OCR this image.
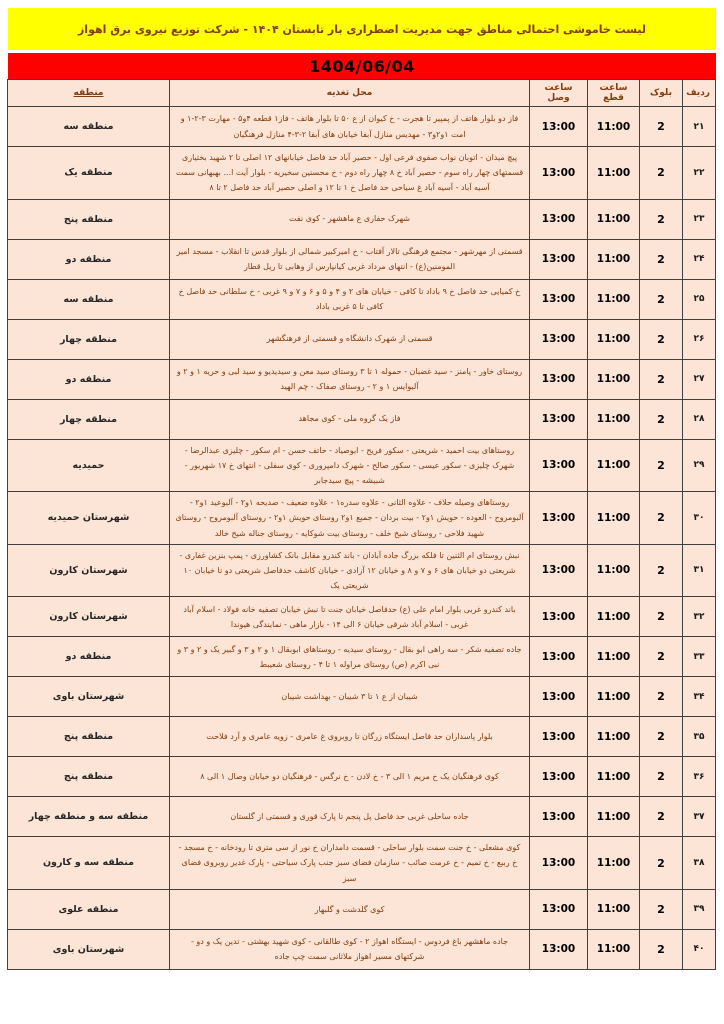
لیست خاموشی احتمالی مناطق جهت مدیریت اضطراری بار تابستان ۱۴۰۴ - شرکت توزیع نیروی برق اهواز
1404/06/04
ردیف	بلوک	ساعت قطع	ساعت وصل	محل تغذیه	منطقه
۲۱	2	11:00	13:00	فاز دو بلوار هاتف از پمپیر تا هجرت - خ کیوان از ع ۵۰ تا بلوار هاتف - فاز۱ قطعه ۴و۵ - مهارت ۳-۲-۱ و امت ۱و۲و۳ - مهدیس منازل آبفا خیابان های آبفا ۲-۳-۴ منازل فرهنگیان	منطقه سه
۲۲	2	11:00	13:00	پیچ میدان - اتوبان نواب صفوی فرعی اول - حصیر آباد حد فاصل خیابانهای ۱۲ اصلی تا ۲ شهید بختیاری قسمتهای چهار راه سوم - حصیر آباد خ ۸ چهار راه دوم - خ محسنین سخیریه - بلوار آیت ا... بهبهانی سمت آسیه آباد - آسیه آباد غ سیاحی حد فاصل خ ۱ تا ۱۲ و اصلی حصیر آباد حد فاصل ۲ تا ۸	منطقه یک
۲۳	2	11:00	13:00	شهرک حفاری ع ماهشهر - کوی نفت	منطقه پنج
۲۴	2	11:00	13:00	قسمتی از مهرشهر - مجتمع فرهنگی تالار آفتاب - خ امیرکبیر شمالی از بلوار قدس تا انقلاب - مسجد امیر المومنین(ع) - انتهای مرداد غربی کیانپارس از وهابی تا ریل قطار	منطقه دو
۲۵	2	11:00	13:00	خ کمیایی حد فاصل خ ۹ باداد تا کافی - خیابان های ۲ و ۴ و ۵ و ۶ و ۷ و ۹ غربی - خ سلطانی حد فاصل خ کافی تا ۵ غربی باداد	منطقه سه
۲۶	2	11:00	13:00	قسمتی از شهرک دانشگاه و قسمتی از فرهنگشهر	منطقه چهار
۲۷	2	11:00	13:00	روستای خاور - پامنز - سید غضبان - حموله ۱ تا ۳ روستای سید معن و سیدیدیو و سید لبی و حریه ۱ و ۲ و آلبوایس ۱ و ۲ - روستای صفاک - چم الهید	منطقه دو
۲۸	2	11:00	13:00	فاز یک گروه ملی - کوی مجاهد	منطقه چهار
۲۹	2	11:00	13:00	روستاهای بیت احمید - شریعتی - سکور فریح - ابوصیاد - حاتف حسن - ام سکور - چلیزی عبدالرضا - شهرک چلیزی - سکور عیسی - سکور صالح - شهرک دامپروری - کوی سفلی - انتهای خ ۱۷ شهریور - شبیشه - پیچ سیدجابر	حمیدیه
۳۰	2	11:00	13:00	روستاهای وصیله حلاف - علاوه الثانی - علاوه سدره۱ - علاوه ضعیف - صدیحه ۱و۲ - آلبوعید ۱و۲ - آلبومروح - العوده - حویش ۱و۲ - بیت بردان - جمیع ۱و۲ روستای حویش ۱و۲ - روستای آلبومروح - روستای شهید فلاحی - روستای شیخ خلف - روستای بیت شوکایه - روستای جناله شیخ خالد	شهرستان حمیدیه
۳۱	2	11:00	13:00	نبش روستای ام الثنین تا فلکه بزرگ جاده آبادان - باند کندرو مقابل بانک کشاورزی - پمپ بنزین غفاری - شریعتی دو خیابان های ۶ و ۷ و ۸ و خیابان ۱۲ آزادی - خیابان کاشف حدفاصل شریعتی دو تا خیابان ۱۰ شریعتی یک	شهرستان کارون
۳۲	2	11:00	13:00	باند کندرو غربی بلوار امام علی (ع) حدفاصل خیابان جنت تا نبش خیابان تصفیه خانه فولاد - اسلام آباد غربی - اسلام آباد شرقی خیابان ۶ الی ۱۴ - بازار ماهی - نمایندگی هیوندا	شهرستان کارون
۳۳	2	11:00	13:00	جاده تصفیه شکر - سه راهی ابو بقال - روستای سیدیه - روستاهای ابوبقال ۱ و ۲ و ۳ و گبیر یک و ۲ و ۳ و نبی اکرم (ص) روستای مراوله ۱ تا ۴ - روستای شعیبط	منطقه دو
۳۴	2	11:00	13:00	شیبان از ع ۱ تا ۳ شیبان - بهداشت شیبان	شهرستان باوی
۳۵	2	11:00	13:00	بلوار پاسداران حد فاصل ایستگاه زرگان تا روبروی غ عامری - زویه عامری و آرد فلاحت	منطقه پنج
۳۶	2	11:00	13:00	کوی فرهنگیان یک خ مریم ۱ الی ۳ - خ لادن - خ نرگس - فرهنگیان دو خیابان وصال ۱ الی ۸	منطقه پنج
۳۷	2	11:00	13:00	جاده ساحلی غربی حد فاصل پل پنجم تا پارک قوری و قسمتی از گلستان	منطقه سه و منطقه چهار
۳۸	2	11:00	13:00	کوی مشعلی - خ جنت سمت بلوار ساحلی - قسمت دامداران خ نور از سی متری تا رودخانه - خ مسجد - خ ربیع - خ تمیم - خ عرمت صائب - سازمان فضای سبز جنب پارک سیاحتی - پارک غدیر روبروی فضای سبز	منطقه سه و کارون
۳۹	2	11:00	13:00	کوی گلدشت و گلبهار	منطقه علوی
۴۰	2	11:00	13:00	جاده ماهشهر باغ فردوس - ایستگاه اهواز ۲ - کوی طالقانی - کوی شهید بهشتی - تدین یک و دو - شرکتهای مسیر اهواز ملاثانی سمت چپ جاده	شهرستان باوی
